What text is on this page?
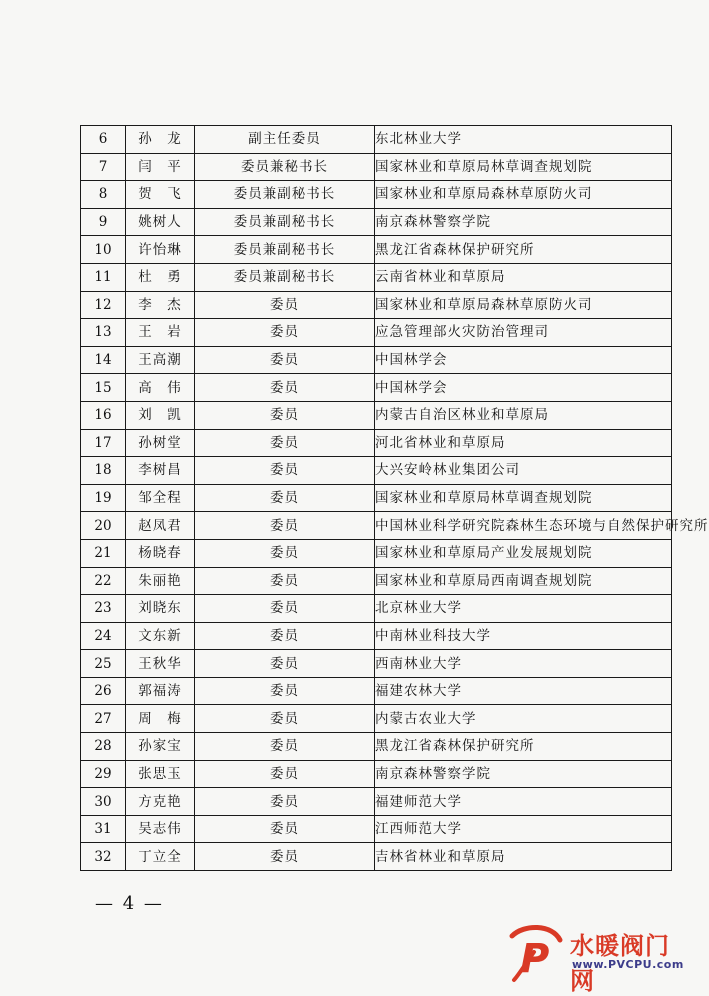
6	孙　龙	副主任委员	东北林业大学
7	闫　平	委员兼秘书长	国家林业和草原局林草调查规划院
8	贺　飞	委员兼副秘书长	国家林业和草原局森林草原防火司
9	姚树人	委员兼副秘书长	南京森林警察学院
10	许怡琳	委员兼副秘书长	黑龙江省森林保护研究所
11	杜　勇	委员兼副秘书长	云南省林业和草原局
12	李　杰	委员	国家林业和草原局森林草原防火司
13	王　岩	委员	应急管理部火灾防治管理司
14	王高潮	委员	中国林学会
15	高　伟	委员	中国林学会
16	刘　凯	委员	内蒙古自治区林业和草原局
17	孙树堂	委员	河北省林业和草原局
18	李树昌	委员	大兴安岭林业集团公司
19	邹全程	委员	国家林业和草原局林草调查规划院
20	赵凤君	委员	中国林业科学研究院森林生态环境与自然保护研究所
21	杨晓春	委员	国家林业和草原局产业发展规划院
22	朱丽艳	委员	国家林业和草原局西南调查规划院
23	刘晓东	委员	北京林业大学
24	文东新	委员	中南林业科技大学
25	王秋华	委员	西南林业大学
26	郭福涛	委员	福建农林大学
27	周　梅	委员	内蒙古农业大学
28	孙家宝	委员	黑龙江省森林保护研究所
29	张思玉	委员	南京森林警察学院
30	方克艳	委员	福建师范大学
31	吴志伟	委员	江西师范大学
32	丁立全	委员	吉林省林业和草原局
— 4 —
P 水暖阀门网
www.PVCPU.com
